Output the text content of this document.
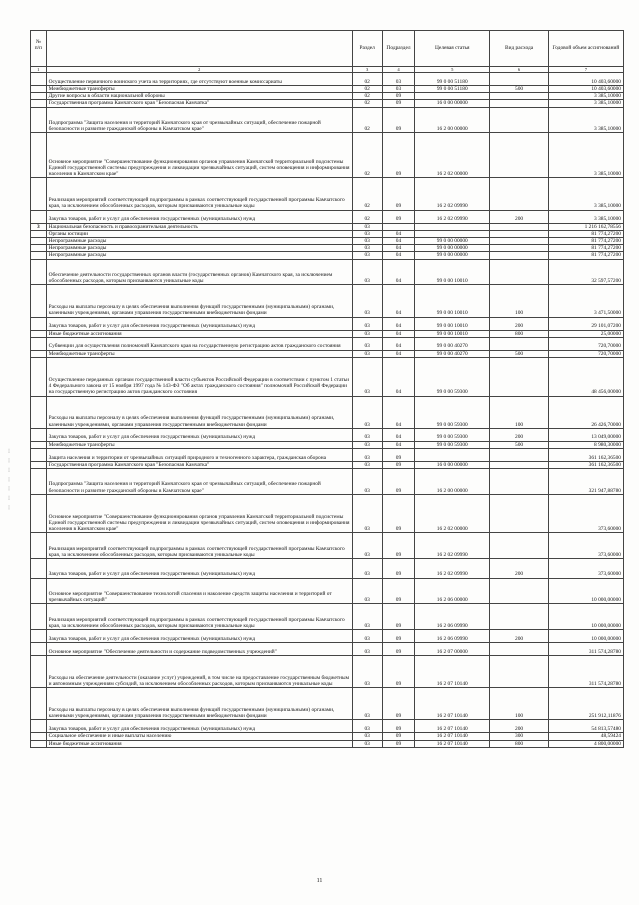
▯ ▯ ▯ ▯ ▯ ▯ ▯
№ п/п		Раздел	Подраздел	Целевая статья	Вид расхода	Годовой объем ассигнований
1	2	3	4	5	6	7
	Осуществление первичного воинского учета на территориях, где отсутствуют военные комиссариаты	02	03	99 0 00 51180		10 403,60000
	Межбюджетные трансферты	02	03	99 0 00 51180	500	10 403,60000
	Другие вопросы в области национальной обороны	02	09			3 385,10000
	Государственная программа Камчатского края "Безопасная Камчатка"	02	09	16 0 00 00000		3 385,10000
	Подпрограмма "Защита населения и территорий Камчатского края от чрезвычайных ситуаций, обеспечение пожарной безопасности и развитие гражданской обороны в Камчатском крае"	02	09	16 2 00 00000		3 385,10000
	Основное мероприятие "Совершенствование функционирования органов управления Камчатской территориальной подсистемы Единой государственной системы предупреждения и ликвидации чрезвычайных ситуаций, систем оповещения и информирования населения в Камчатском крае"	02	09	16 2 02 00000		3 385,10000
	Реализация мероприятий соответствующей подпрограммы в рамках соответствующей государственной программы Камчатского края, за исключением обособленных расходов, которым присваиваются уникальные коды	02	09	16 2 02 09990		3 385,10000
	Закупка товаров, работ и услуг для обеспечения государственных (муниципальных) нужд	02	09	16 2 02 09990	200	3 385,10000
3	Национальная безопасность и правоохранительная деятельность	03				1 216 162,78556
	Органы юстиции	03	04			81 774,27200
	Непрограммные расходы	03	04	99 0 00 00000		81 774,27200
	Непрограммные расходы	03	04	99 0 00 00000		81 774,27200
	Непрограммные расходы	03	04	99 0 00 00000		81 774,27200
	Обеспечение деятельности государственных органов власти (государственных органов) Камчатского края, за исключением обособленных расходов, которым присваиваются уникальные коды	03	04	99 0 00 10010		32 597,57200
	Расходы на выплаты персоналу в целях обеспечения выполнения функций государственными (муниципальными) органами, казенными учреждениями, органами управления государственными внебюджетными фондами	03	04	99 0 00 10010	100	3 471,50000
	Закупка товаров, работ и услуг для обеспечения государственных (муниципальных) нужд	03	04	99 0 00 10010	200	29 101,07200
	Иные бюджетные ассигнования	03	04	99 0 00 10010	800	25,00000
	Субвенции для осуществления полномочий Камчатского края на государственную регистрацию актов гражданского состояния	03	04	99 0 00 40270		720,70000
	Межбюджетные трансферты	03	04	99 0 00 40270	500	720,70000
	Осуществление переданных органам государственной власти субъектов Российской Федерации в соответствии с пунктом 1 статьи 4 Федерального закона от 15 ноября 1997 года № 143-ФЗ "Об актах гражданского состояния" полномочий Российской Федерации на государственную регистрацию актов гражданского состояния	03	04	99 0 00 59300		48 456,00000
	Расходы на выплаты персоналу в целях обеспечения выполнения функций государственными (муниципальными) органами, казенными учреждениями, органами управления государственными внебюджетными фондами	03	04	99 0 00 59300	100	26 426,70000
	Закупка товаров, работ и услуг для обеспечения государственных (муниципальных) нужд	03	04	99 0 00 59300	200	13 049,00000
	Межбюджетные трансферты	03	04	99 0 00 59300	500	8 980,30000
	Защита населения и территории от чрезвычайных ситуаций природного и техногенного характера, гражданская оборона	03	09			361 162,36500
	Государственная программа Камчатского края "Безопасная Камчатка"	03	09	16 0 00 00000		361 162,36500
	Подпрограмма "Защита населения и территорий Камчатского края от чрезвычайных ситуаций, обеспечение пожарной безопасности и развитие гражданской обороны в Камчатском крае"	03	09	16 2 00 00000		321 947,88780
	Основное мероприятие "Совершенствование функционирования органов управления Камчатской территориальной подсистемы Единой государственной системы предупреждения и ликвидации чрезвычайных ситуаций, систем оповещения и информирования населения в Камчатском крае"	03	09	16 2 02 00000		373,60000
	Реализация мероприятий соответствующей подпрограммы в рамках соответствующей государственной программы Камчатского края, за исключением обособленных расходов, которым присваиваются уникальные коды	03	09	16 2 02 09990		373,60000
	Закупка товаров, работ и услуг для обеспечения государственных (муниципальных) нужд	03	09	16 2 02 09990	200	373,60000
	Основное мероприятие "Совершенствование технологий спасения и наколение средств защиты населения и территорий от чрезвычайных ситуаций"	03	09	16 2 06 00000		10 000,00000
	Реализация мероприятий соответствующей подпрограммы в рамках соответствующей государственной программы Камчатского края, за исключением обособленных расходов, которым присваиваются уникальные коды	03	09	16 2 06 09990		10 000,00000
	Закупка товаров, работ и услуг для обеспечения государственных (муниципальных) нужд	03	09	16 2 06 09990	200	10 000,00000
	Основное мероприятие "Обеспечение деятельности и содержание подведомственных учреждений"	03	09	16 2 07 00000		311 574,28780
	Расходы на обеспечение деятельности (оказание услуг) учреждений, в том числе на предоставление государственным бюджетным и автономным учреждениям субсидий, за исключением обособленных расходов, которым присваиваются уникальные коды	03	09	16 2 07 10140		311 574,28780
	Расходы на выплаты персоналу в целях обеспечения выполнения функций государственными (муниципальными) органами, казенными учреждениями, органами управления государственными внебюджетными фондами	03	09	16 2 07 10140	100	251 912,11876
	Закупка товаров, работ и услуг для обеспечения государственных (муниципальных) нужд	03	09	16 2 07 10140	200	54 813,57480
	Социальное обеспечение и иные выплаты населению	03	09	16 2 07 10140	300	48,59424
	Иные бюджетные ассигнования	03	09	16 2 07 10140	800	4 800,00000
11
